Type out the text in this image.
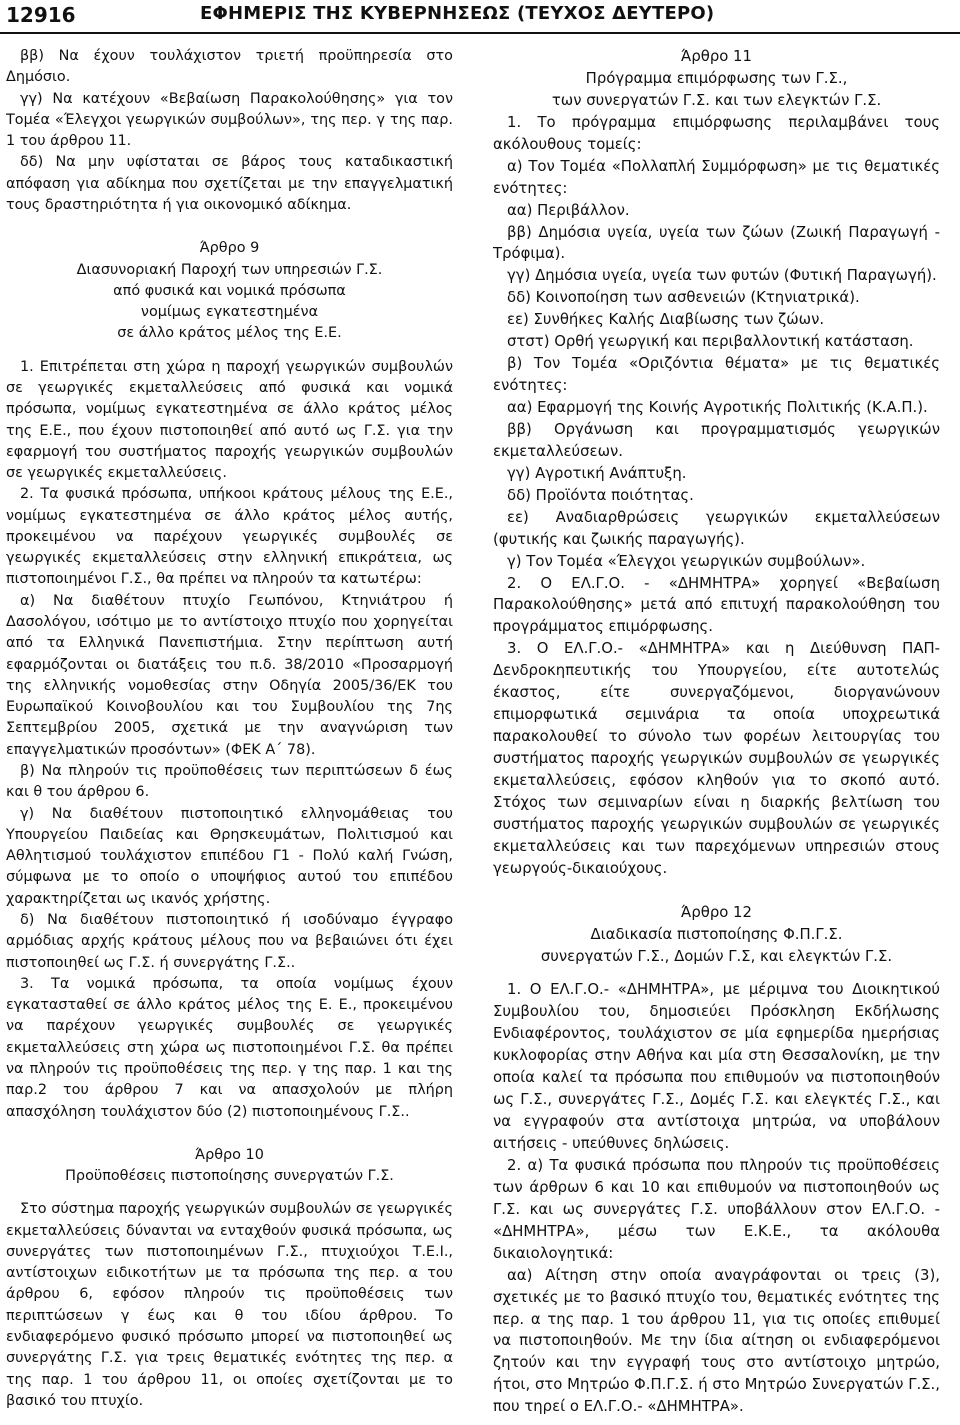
12916	ΕΦΗΜΕΡΙΣ ΤΗΣ ΚΥΒΕΡΝΗΣΕΩΣ (ΤΕΥΧΟΣ ΔΕΥΤΕΡΟ)

ββ) Να έχουν τουλάχιστον τριετή προϋπηρεσία στο Δημόσιο.

γγ) Να κατέχουν «Βεβαίωση Παρακολούθησης» για τον Τομέα «Έλεγχοι γεωργικών συμβούλων», της περ. γ της παρ. 1 του άρθρου 11.

δδ) Να μην υφίσταται σε βάρος τους καταδικαστική απόφαση για αδίκημα που σχετίζεται με την επαγγελματική τους δραστηριότητα ή για οικονομικό αδίκημα.

Άρθρο 9

Διασυνοριακή Παροχή των υπηρεσιών Γ.Σ.

από φυσικά και νομικά πρόσωπα

νομίμως εγκατεστημένα

σε άλλο κράτος μέλος της Ε.Ε.

1. Επιτρέπεται στη χώρα η παροχή γεωργικών συμβουλών σε γεωργικές εκμεταλλεύσεις από φυσικά και νομικά πρόσωπα, νομίμως εγκατεστημένα σε άλλο κράτος μέλος της Ε.Ε., που έχουν πιστοποιηθεί από αυτό ως Γ.Σ. για την εφαρμογή του συστήματος παροχής γεωργικών συμβουλών σε γεωργικές εκμεταλλεύσεις.

2. Τα φυσικά πρόσωπα, υπήκοοι κράτους μέλους της Ε.Ε., νομίμως εγκατεστημένα σε άλλο κράτος μέλος αυτής, προκειμένου να παρέχουν γεωργικές συμβουλές σε γεωργικές εκμεταλλεύσεις στην ελληνική επικράτεια, ως πιστοποιημένοι Γ.Σ., θα πρέπει να πληρούν τα κατωτέρω:

α) Να διαθέτουν πτυχίο Γεωπόνου, Κτηνιάτρου ή Δασολόγου, ισότιμο με το αντίστοιχο πτυχίο που χορηγείται από τα Ελληνικά Πανεπιστήμια. Στην περίπτωση αυτή εφαρμόζονται οι διατάξεις του π.δ. 38/2010 «Προσαρμογή της ελληνικής νομοθεσίας στην Οδηγία 2005/36/ΕΚ του Ευρωπαϊκού Κοινοβουλίου και του Συμβουλίου της 7ης Σεπτεμβρίου 2005, σχετικά με την αναγνώριση των επαγγελματικών προσόντων» (ΦΕΚ Α΄ 78).

β) Να πληρούν τις προϋποθέσεις των περιπτώσεων δ έως και θ του άρθρου 6.

γ) Να διαθέτουν πιστοποιητικό ελληνομάθειας του Υπουργείου Παιδείας και Θρησκευμάτων, Πολιτισμού και Αθλητισμού τουλάχιστον επιπέδου Γ1 - Πολύ καλή Γνώση, σύμφωνα με το οποίο ο υποψήφιος αυτού του επιπέδου χαρακτηρίζεται ως ικανός χρήστης.

δ) Να διαθέτουν πιστοποιητικό ή ισοδύναμο έγγραφο αρμόδιας αρχής κράτους μέλους που να βεβαιώνει ότι έχει πιστοποιηθεί ως Γ.Σ. ή συνεργάτης Γ.Σ..

3. Τα νομικά πρόσωπα, τα οποία νομίμως έχουν εγκατασταθεί σε άλλο κράτος μέλος της Ε. Ε., προκειμένου να παρέχουν γεωργικές συμβουλές σε γεωργικές εκμεταλλεύσεις στη χώρα ως πιστοποιημένοι Γ.Σ. θα πρέπει να πληρούν τις προϋποθέσεις της περ. γ της παρ. 1 και της παρ.2 του άρθρου 7 και να απασχολούν με πλήρη απασχόληση τουλάχιστον δύο (2) πιστοποιημένους Γ.Σ..

Άρθρο 10

Προϋποθέσεις πιστοποίησης συνεργατών Γ.Σ.

Στο σύστημα παροχής γεωργικών συμβουλών σε γεωργικές εκμεταλλεύσεις δύνανται να ενταχθούν φυσικά πρόσωπα, ως συνεργάτες των πιστοποιημένων Γ.Σ., πτυχιούχοι Τ.Ε.Ι., αντίστοιχων ειδικοτήτων με τα πρόσωπα της περ. α του άρθρου 6, εφόσον πληρούν τις προϋποθέσεις των περιπτώσεων γ έως και θ του ιδίου άρθρου. Το ενδιαφερόμενο φυσικό πρόσωπο μπορεί να πιστοποιηθεί ως συνεργάτης Γ.Σ. για τρεις θεματικές ενότητες της περ. α της παρ. 1 του άρθρου 11, οι οποίες σχετίζονται με το βασικό του πτυχίο.

Άρθρο 11

Πρόγραμμα επιμόρφωσης των Γ.Σ.,

των συνεργατών Γ.Σ. και των ελεγκτών Γ.Σ.

1. Το πρόγραμμα επιμόρφωσης περιλαμβάνει τους ακόλουθους τομείς:

α) Τον Τομέα «Πολλαπλή Συμμόρφωση» με τις θεματικές ενότητες:

αα) Περιβάλλον.

ββ) Δημόσια υγεία, υγεία των ζώων (Ζωική Παραγωγή - Τρόφιμα).

γγ) Δημόσια υγεία, υγεία των φυτών (Φυτική Παραγωγή).

δδ) Κοινοποίηση των ασθενειών (Κτηνιατρικά).

εε) Συνθήκες Καλής Διαβίωσης των ζώων.

στστ) Ορθή γεωργική και περιβαλλοντική κατάσταση.

β) Τον Τομέα «Οριζόντια θέματα» με τις θεματικές ενότητες:

αα) Εφαρμογή της Κοινής Αγροτικής Πολιτικής (Κ.Α.Π.).

ββ) Οργάνωση και προγραμματισμός γεωργικών εκμεταλλεύσεων.

γγ) Αγροτική Ανάπτυξη.

δδ) Προϊόντα ποιότητας.

εε) Αναδιαρθρώσεις γεωργικών εκμεταλλεύσεων (φυτικής και ζωικής παραγωγής).

γ) Τον Τομέα «Έλεγχοι γεωργικών συμβούλων».

2. Ο ΕΛ.Γ.Ο. - «ΔΗΜΗΤΡΑ» χορηγεί «Βεβαίωση Παρακολούθησης» μετά από επιτυχή παρακολούθηση του προγράμματος επιμόρφωσης.

3. Ο ΕΛ.Γ.Ο.- «ΔΗΜΗΤΡΑ» και η Διεύθυνση ΠΑΠ-Δενδροκηπευτικής του Υπουργείου, είτε αυτοτελώς έκαστος, είτε συνεργαζόμενοι, διοργανώνουν επιμορφωτικά σεμινάρια τα οποία υποχρεωτικά παρακολουθεί το σύνολο των φορέων λειτουργίας του συστήματος παροχής γεωργικών συμβουλών σε γεωργικές εκμεταλλεύσεις, εφόσον κληθούν για το σκοπό αυτό. Στόχος των σεμιναρίων είναι η διαρκής βελτίωση του συστήματος παροχής γεωργικών συμβουλών σε γεωργικές εκμεταλλεύσεις και των παρεχόμενων υπηρεσιών στους γεωργούς-δικαιούχους.

Άρθρο 12

Διαδικασία πιστοποίησης Φ.Π.Γ.Σ.

συνεργατών Γ.Σ., Δομών Γ.Σ, και ελεγκτών Γ.Σ.

1. Ο ΕΛ.Γ.Ο.- «ΔΗΜΗΤΡΑ», με μέριμνα του Διοικητικού Συμβουλίου του, δημοσιεύει Πρόσκληση Εκδήλωσης Ενδιαφέροντος, τουλάχιστον σε μία εφημερίδα ημερήσιας κυκλοφορίας στην Αθήνα και μία στη Θεσσαλονίκη, με την οποία καλεί τα πρόσωπα που επιθυμούν να πιστοποιηθούν ως Γ.Σ., συνεργάτες Γ.Σ., Δομές Γ.Σ. και ελεγκτές Γ.Σ., και να εγγραφούν στα αντίστοιχα μητρώα, να υποβάλουν αιτήσεις - υπεύθυνες δηλώσεις.

2. α) Τα φυσικά πρόσωπα που πληρούν τις προϋποθέσεις των άρθρων 6 και 10 και επιθυμούν να πιστοποιηθούν ως Γ.Σ. και ως συνεργάτες Γ.Σ. υποβάλλουν στον ΕΛ.Γ.Ο. - «ΔΗΜΗΤΡΑ», μέσω των Ε.Κ.Ε., τα ακόλουθα δικαιολογητικά:

αα) Αίτηση στην οποία αναγράφονται οι τρεις (3), σχετικές με το βασικό πτυχίο του, θεματικές ενότητες της περ. α της παρ. 1 του άρθρου 11, για τις οποίες επιθυμεί να πιστοποιηθούν. Με την ίδια αίτηση οι ενδιαφερόμενοι ζητούν και την εγγραφή τους στο αντίστοιχο μητρώο, ήτοι, στο Μητρώο Φ.Π.Γ.Σ. ή στο Μητρώο Συνεργατών Γ.Σ., που τηρεί ο ΕΛ.Γ.Ο.- «ΔΗΜΗΤΡΑ».
